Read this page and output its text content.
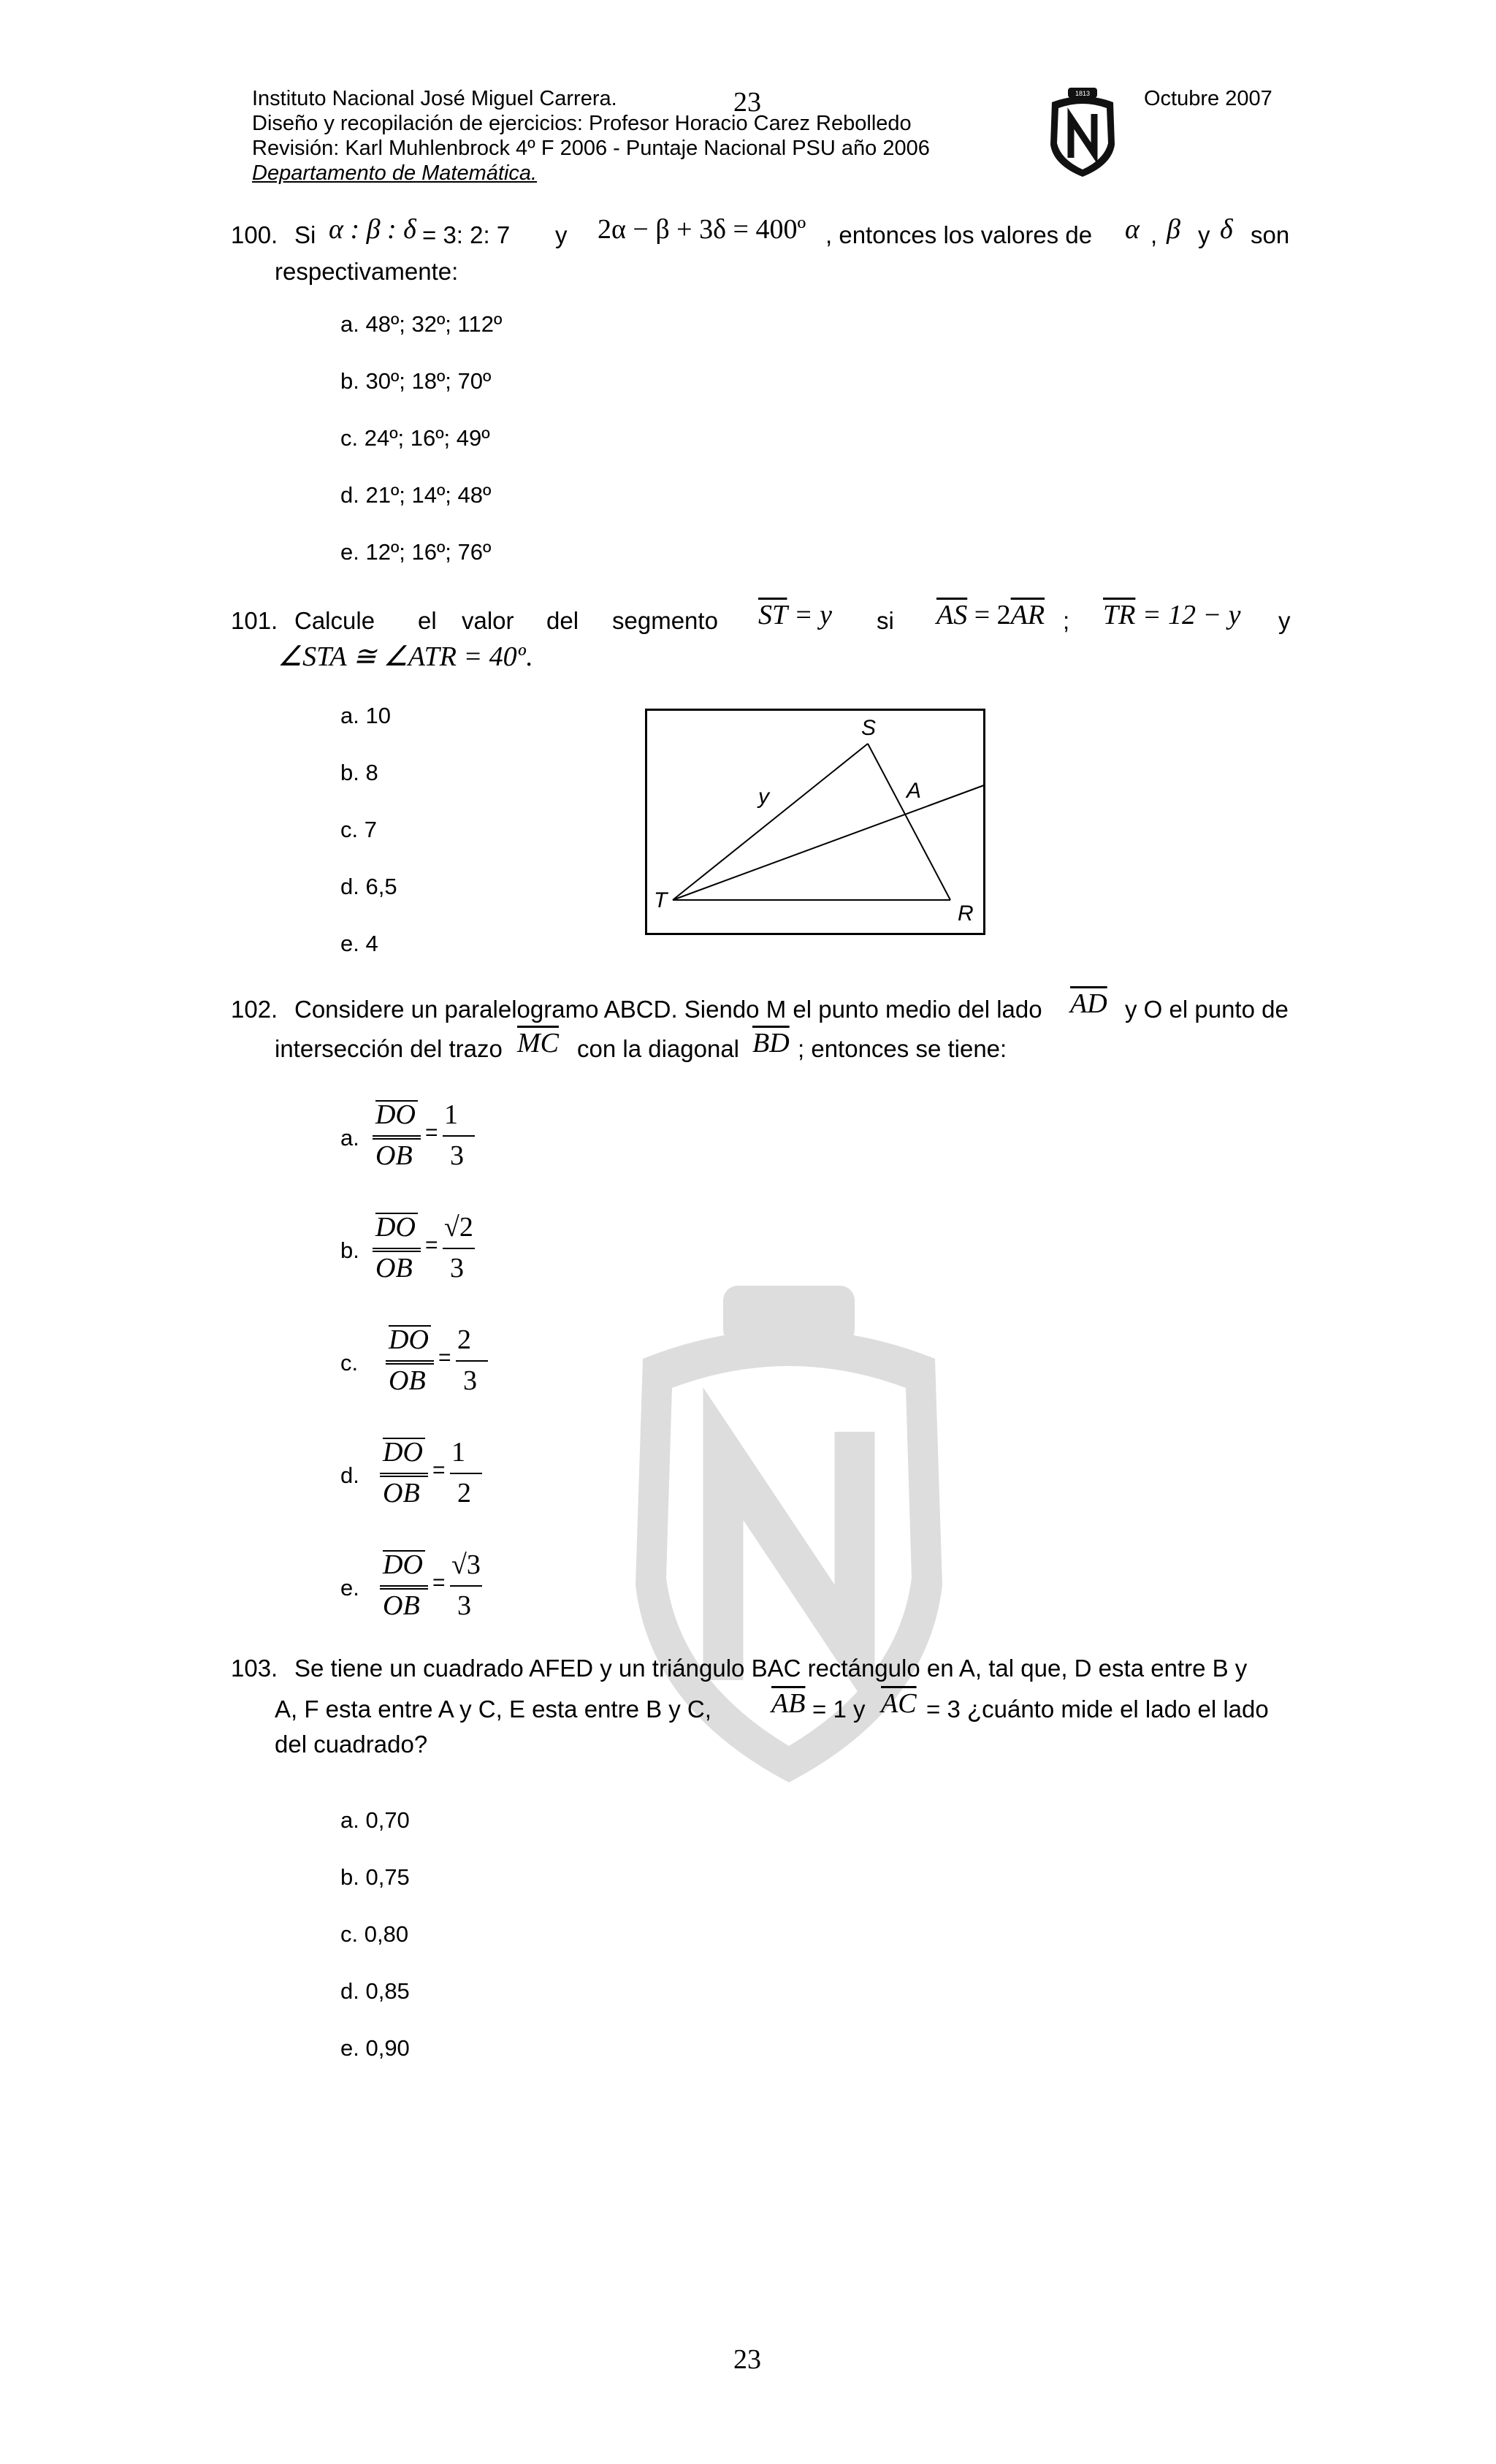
Instituto Nacional José Miguel Carrera.	23	Octubre 2007
Diseño y recopilación de ejercicios: Profesor Horacio Carez Rebolledo
Revisión: Karl Muhlenbrock 4º F 2006 - Puntaje Nacional PSU año 2006
Departamento de Matemática.
1813
100. Si α : β : δ = 3: 2: 7 y 2α − β + 3δ = 400º , entonces los valores de α , β y δ son
respectivamente:
a. 48º; 32º; 112º
b. 30º; 18º; 70º
c. 24º; 16º; 49º
d. 21º; 14º; 48º
e. 12º; 16º; 76º
101. Calcule el valor del segmento $\overline{ST} = y$ si $\overline{AS} = 2\overline{AR}$ ; $\overline{TR} = 12 - y$ y
∠STA ≅ ∠ATR = 40º.
a. 10
b. 8
c. 7
d. 6,5
e. 4
S
A
T
R
y
102. Considere un paralelogramo ABCD. Siendo M el punto medio del lado $\overline{AD}$ y O el punto de
intersección del trazo $\overline{MC}$ con la diagonal $\overline{BD}$ ; entonces se tiene:
a.
DO
OB
=
1
3
b.
DO
OB
=
√2
3
c.
DO
OB
=
2
3
d.
DO
OB
=
1
2
e.
DO
OB
=
√3
3
103. Se tiene un cuadrado AFED y un triángulo BAC rectángulo en A, tal que, D esta entre B y
A, F esta entre A y C, E esta entre B y C, $\overline{AB} = 1$ y $\overline{AC} = 3$ ¿cuánto mide el lado el lado
del cuadrado?
a. 0,70
b. 0,75
c. 0,80
d. 0,85
e. 0,90
23
